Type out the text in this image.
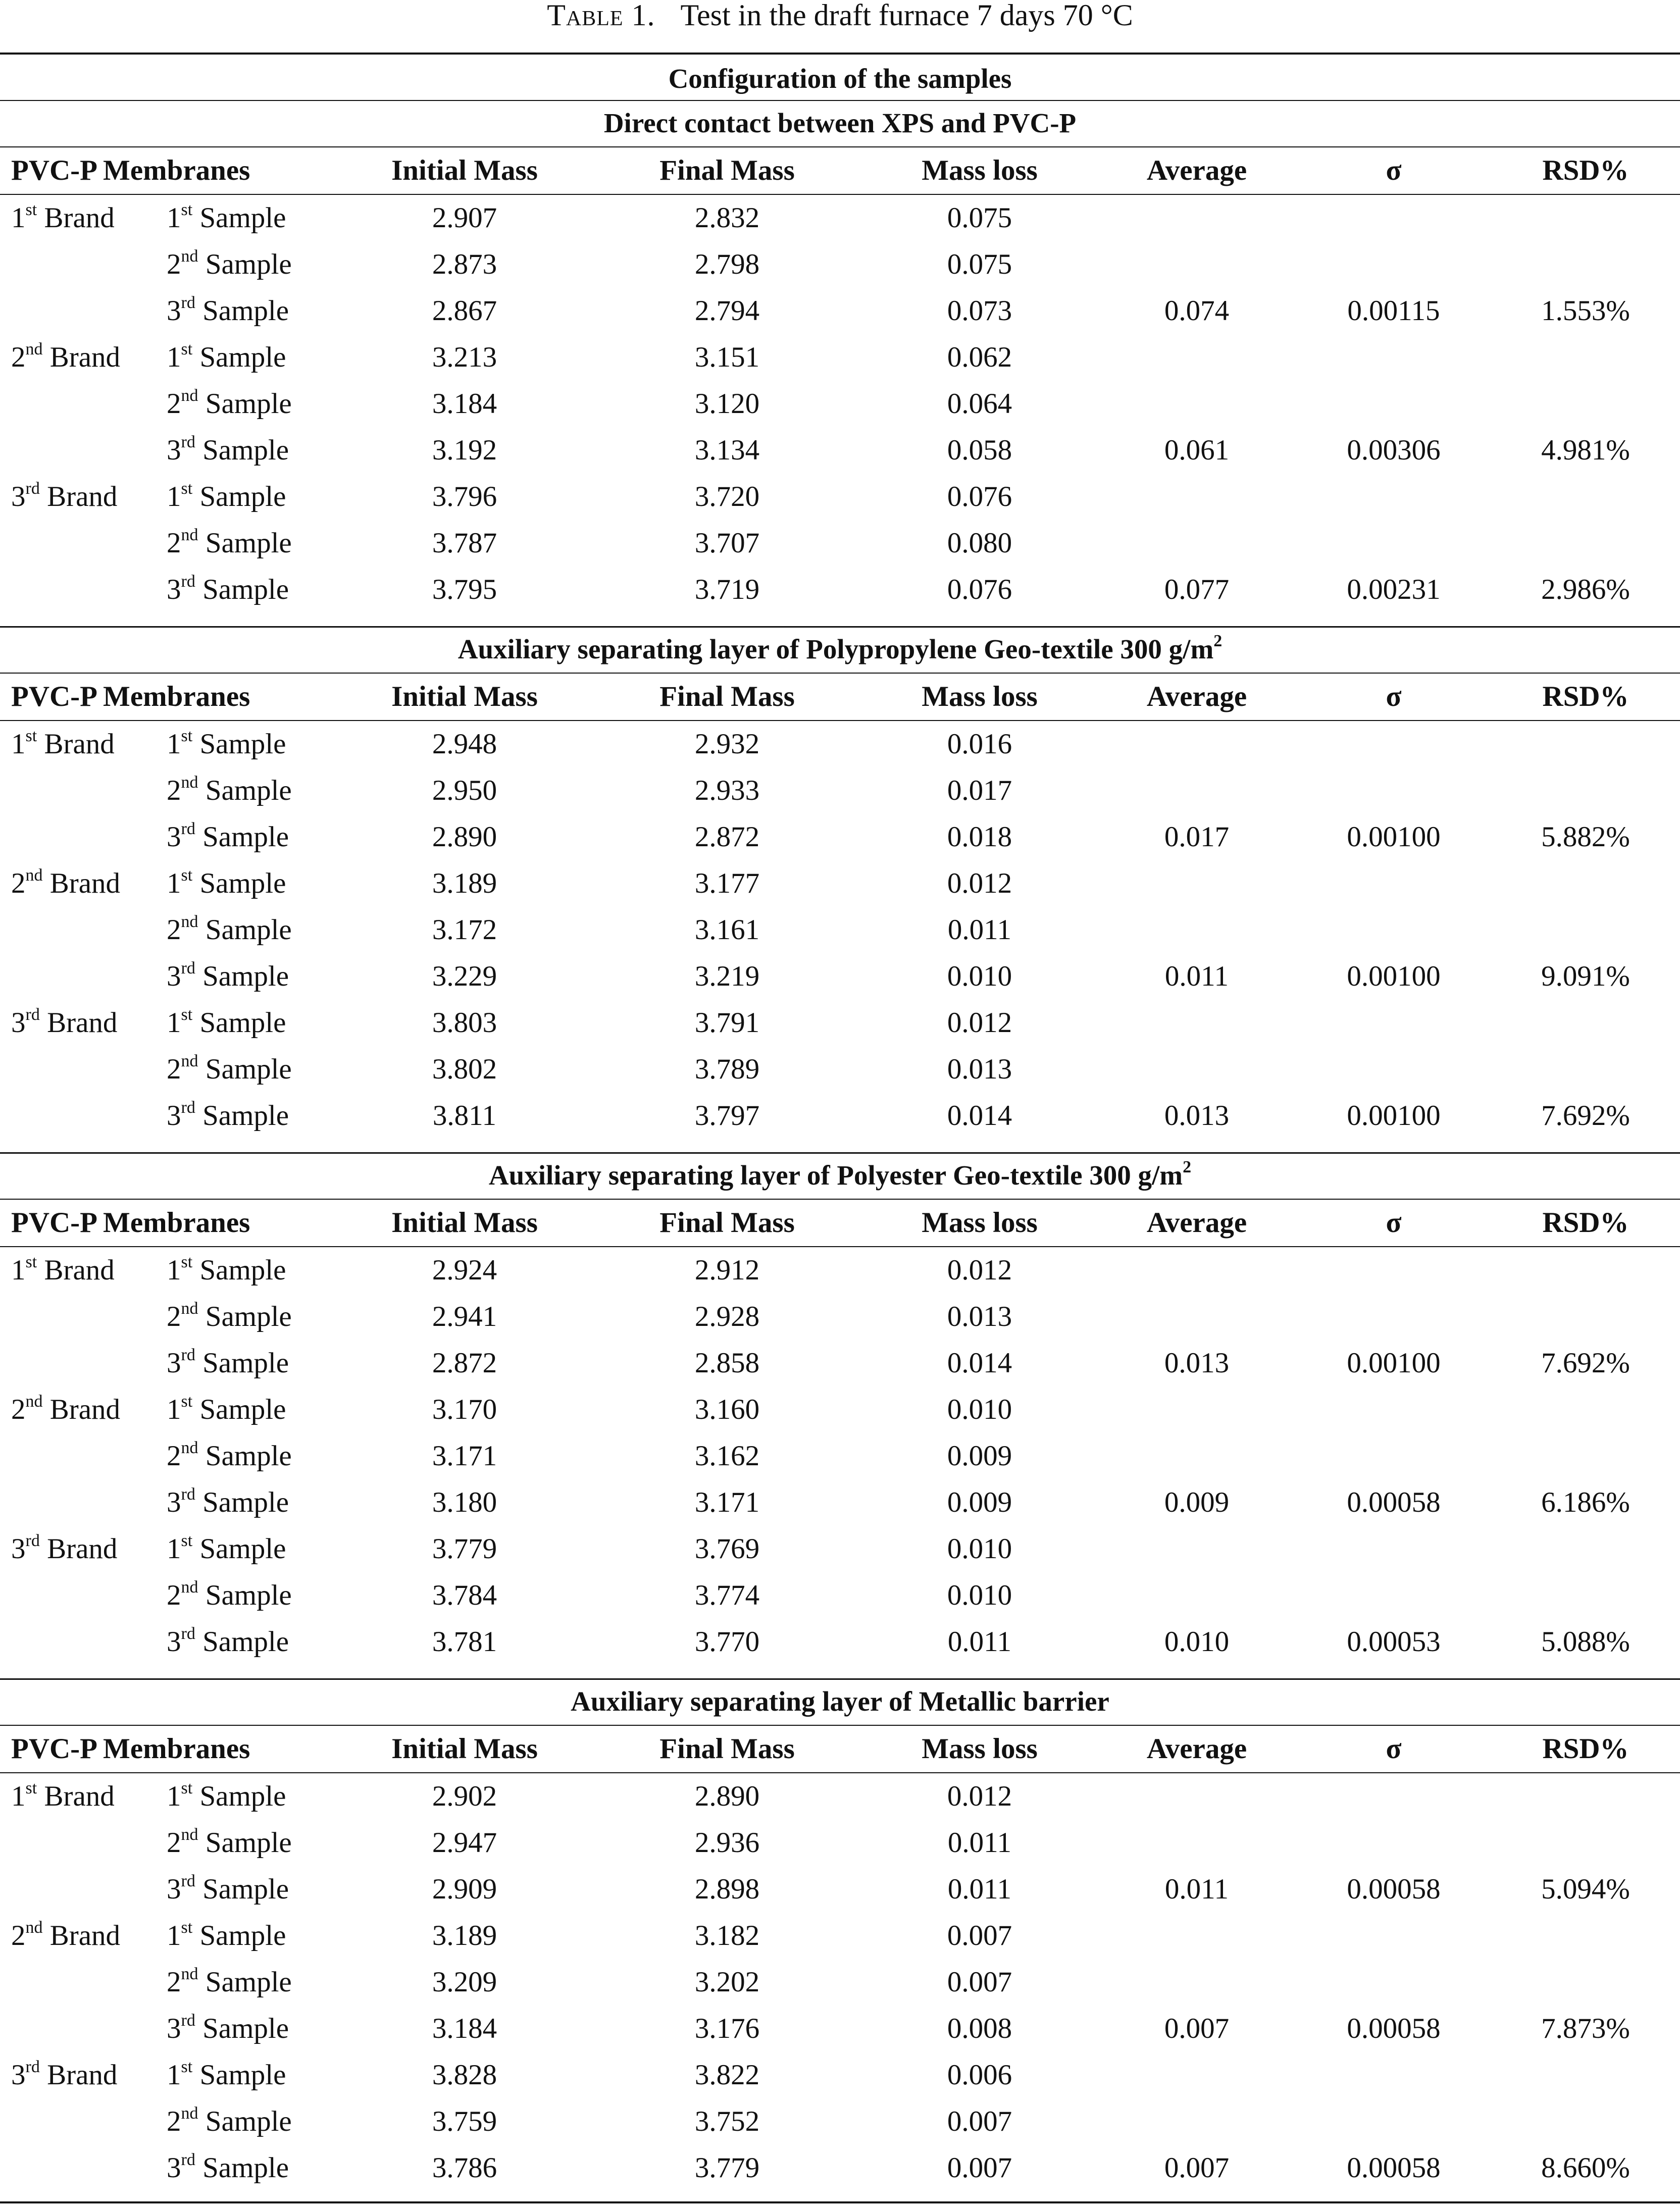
Table 1. Test in the draft furnace 7 days 70 °C
Configuration of the samples
Direct contact between XPS and PVC-P
PVC-P Membranes	Initial Mass	Final Mass	Mass loss	Average	σ	RSD%
1st Brand	1st Sample	2.907	2.832	0.075
2nd Sample	2.873	2.798	0.075
3rd Sample	2.867	2.794	0.073	0.074	0.00115	1.553%
2nd Brand	1st Sample	3.213	3.151	0.062
2nd Sample	3.184	3.120	0.064
3rd Sample	3.192	3.134	0.058	0.061	0.00306	4.981%
3rd Brand	1st Sample	3.796	3.720	0.076
2nd Sample	3.787	3.707	0.080
3rd Sample	3.795	3.719	0.076	0.077	0.00231	2.986%
Auxiliary separating layer of Polypropylene Geo-textile 300 $g/m^2$
PVC-P Membranes	Initial Mass	Final Mass	Mass loss	Average	σ	RSD%
1st Brand	1st Sample	2.948	2.932	0.016
2nd Sample	2.950	2.933	0.017
3rd Sample	2.890	2.872	0.018	0.017	0.00100	5.882%
2nd Brand	1st Sample	3.189	3.177	0.012
2nd Sample	3.172	3.161	0.011
3rd Sample	3.229	3.219	0.010	0.011	0.00100	9.091%
3rd Brand	1st Sample	3.803	3.791	0.012
2nd Sample	3.802	3.789	0.013
3rd Sample	3.811	3.797	0.014	0.013	0.00100	7.692%
Auxiliary separating layer of Polyester Geo-textile 300 $g/m^2$
PVC-P Membranes	Initial Mass	Final Mass	Mass loss	Average	σ	RSD%
1st Brand	1st Sample	2.924	2.912	0.012
2nd Sample	2.941	2.928	0.013
3rd Sample	2.872	2.858	0.014	0.013	0.00100	7.692%
2nd Brand	1st Sample	3.170	3.160	0.010
2nd Sample	3.171	3.162	0.009
3rd Sample	3.180	3.171	0.009	0.009	0.00058	6.186%
3rd Brand	1st Sample	3.779	3.769	0.010
2nd Sample	3.784	3.774	0.010
3rd Sample	3.781	3.770	0.011	0.010	0.00053	5.088%
Auxiliary separating layer of Metallic barrier
PVC-P Membranes	Initial Mass	Final Mass	Mass loss	Average	σ	RSD%
1st Brand	1st Sample	2.902	2.890	0.012
2nd Sample	2.947	2.936	0.011
3rd Sample	2.909	2.898	0.011	0.011	0.00058	5.094%
2nd Brand	1st Sample	3.189	3.182	0.007
2nd Sample	3.209	3.202	0.007
3rd Sample	3.184	3.176	0.008	0.007	0.00058	7.873%
3rd Brand	1st Sample	3.828	3.822	0.006
2nd Sample	3.759	3.752	0.007
3rd Sample	3.786	3.779	0.007	0.007	0.00058	8.660%
